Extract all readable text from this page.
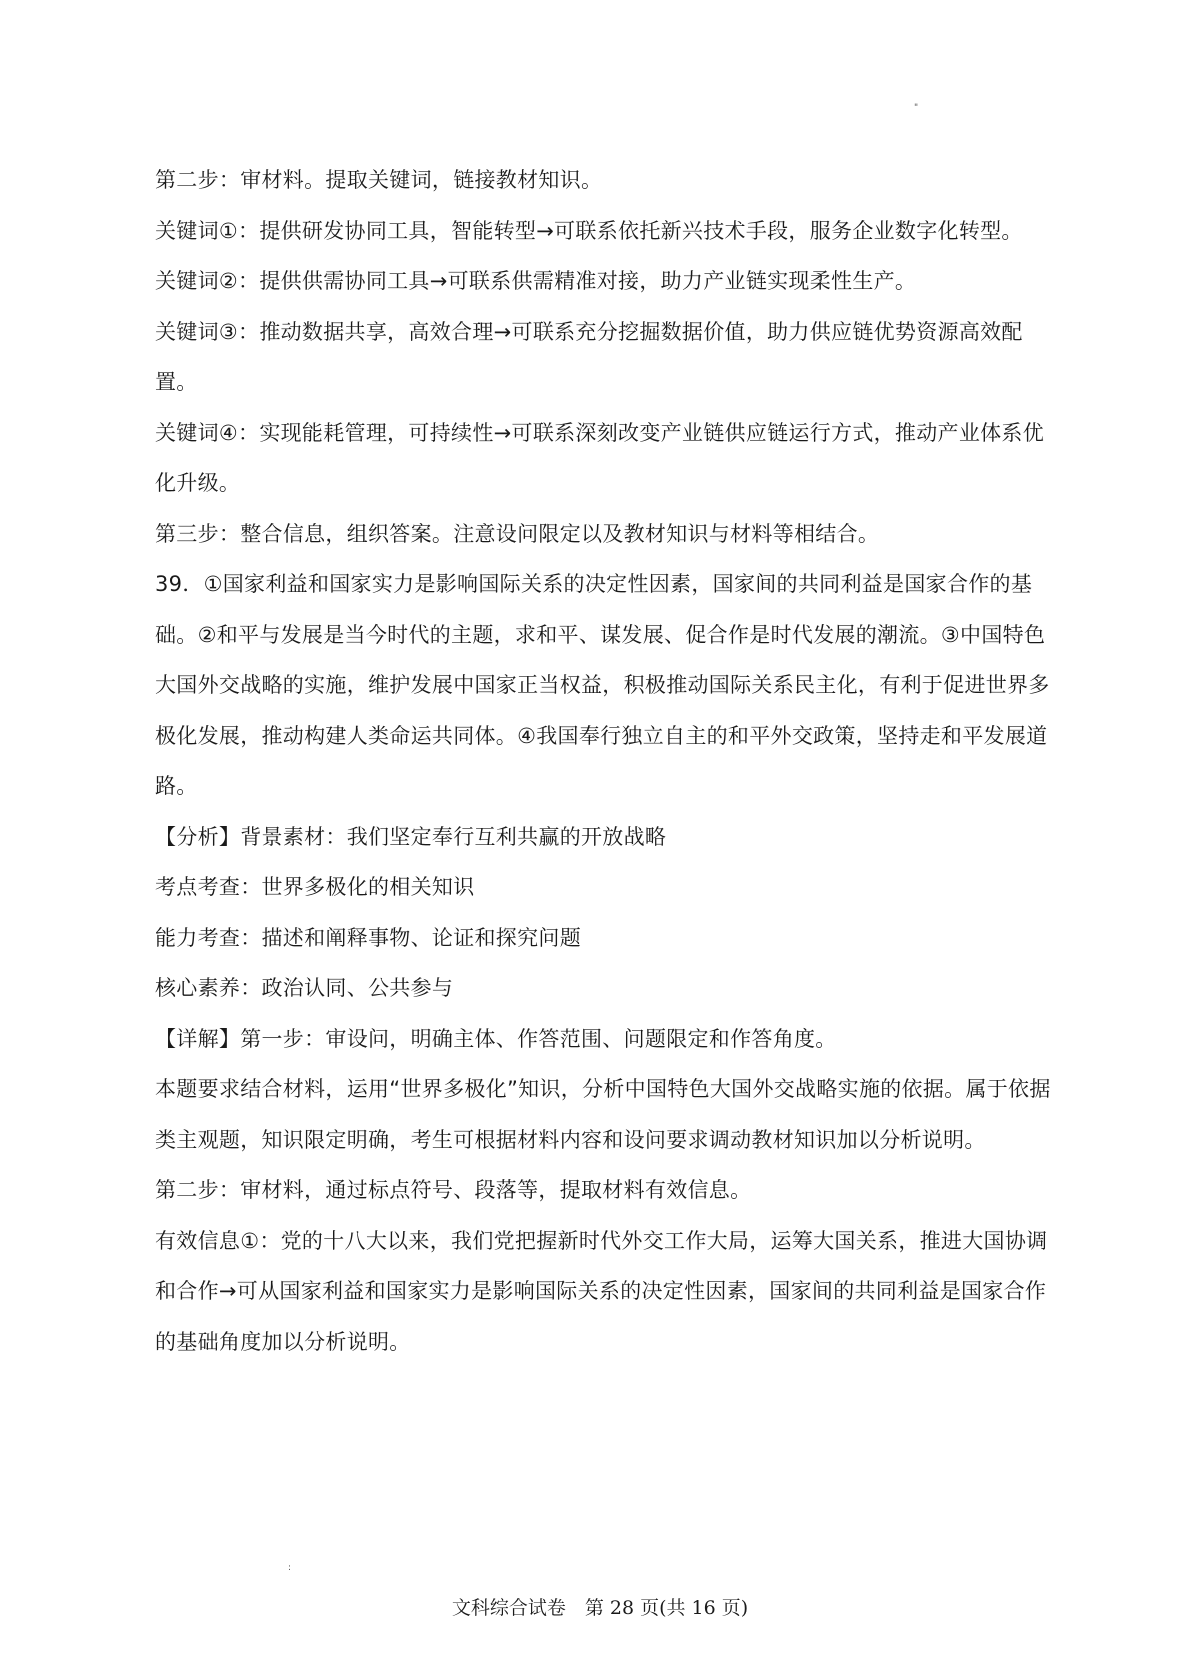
"

第二步：审材料。提取关键词，链接教材知识。

关键词①：提供研发协同工具，智能转型→可联系依托新兴技术手段，服务企业数字化转型。

关键词②：提供供需协同工具→可联系供需精准对接，助力产业链实现柔性生产。

关键词③：推动数据共享，高效合理→可联系充分挖掘数据价值，助力供应链优势资源高效配置。

关键词④：实现能耗管理，可持续性→可联系深刻改变产业链供应链运行方式，推动产业体系优化升级。

第三步：整合信息，组织答案。注意设问限定以及教材知识与材料等相结合。

39．①国家利益和国家实力是影响国际关系的决定性因素，国家间的共同利益是国家合作的基础。②和平与发展是当今时代的主题，求和平、谋发展、促合作是时代发展的潮流。③中国特色大国外交战略的实施，维护发展中国家正当权益，积极推动国际关系民主化，有利于促进世界多极化发展，推动构建人类命运共同体。④我国奉行独立自主的和平外交政策，坚持走和平发展道路。

【分析】背景素材：我们坚定奉行互利共赢的开放战略

考点考查：世界多极化的相关知识

能力考查：描述和阐释事物、论证和探究问题

核心素养：政治认同、公共参与

【详解】第一步：审设问，明确主体、作答范围、问题限定和作答角度。

本题要求结合材料，运用“世界多极化”知识，分析中国特色大国外交战略实施的依据。属于依据类主观题，知识限定明确，考生可根据材料内容和设问要求调动教材知识加以分析说明。

第二步：审材料，通过标点符号、段落等，提取材料有效信息。

有效信息①：党的十八大以来，我们党把握新时代外交工作大局，运筹大国关系，推进大国协调和合作→可从国家利益和国家实力是影响国际关系的决定性因素，国家间的共同利益是国家合作的基础角度加以分析说明。

:
文科综合试卷　第 28 页(共 16 页)
